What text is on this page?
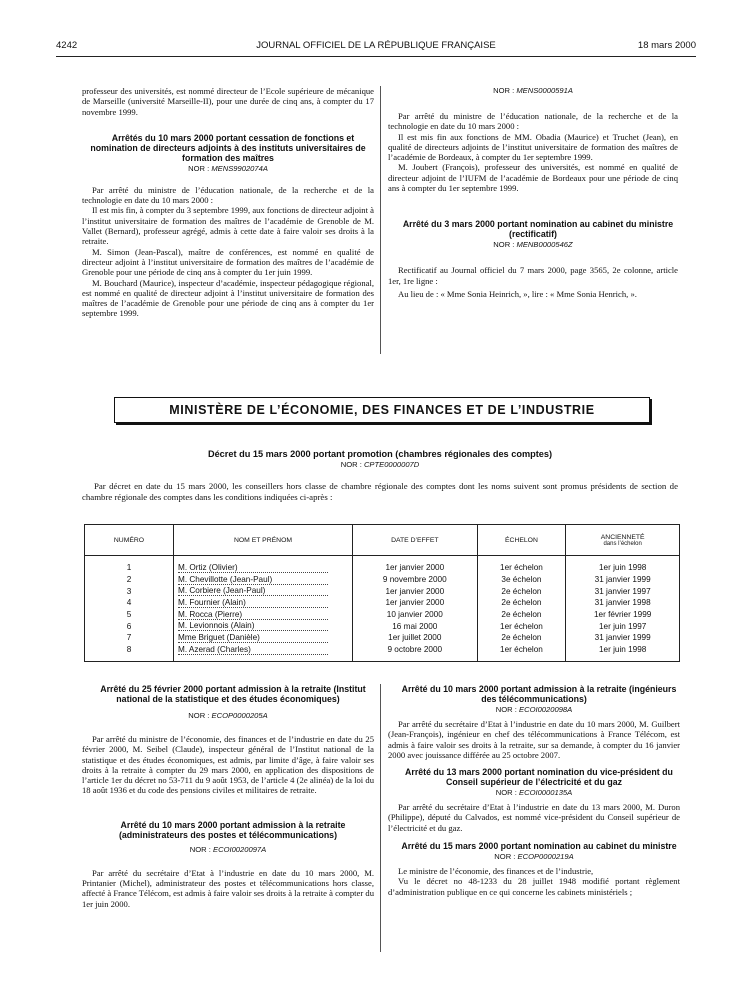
4242	JOURNAL OFFICIEL DE LA RÉPUBLIQUE FRANÇAISE	18 mars 2000

professeur des universités, est nommé directeur de l’Ecole supérieure de mécanique de Marseille (université Marseille-II), pour une durée de cinq ans, à compter du 17 novembre 1999.

Arrêtés du 10 mars 2000 portant cessation de fonctions et nomination de directeurs adjoints à des instituts universitaires de formation des maîtres

NOR : MENS9902074A

Par arrêté du ministre de l’éducation nationale, de la recherche et de la technologie en date du 10 mars 2000 :

Il est mis fin, à compter du 3 septembre 1999, aux fonctions de directeur adjoint à l’institut universitaire de formation des maîtres de l’académie de Grenoble de M. Vallet (Bernard), professeur agrégé, admis à cette date à faire valoir ses droits à la retraite.

M. Simon (Jean-Pascal), maître de conférences, est nommé en qualité de directeur adjoint à l’institut universitaire de formation des maîtres de l’académie de Grenoble pour une période de cinq ans à compter du 1er juin 1999.

M. Bouchard (Maurice), inspecteur d’académie, inspecteur pédagogique régional, est nommé en qualité de directeur adjoint à l’institut universitaire de formation des maîtres de l’académie de Grenoble pour une période de cinq ans à compter du 1er septembre 1999.

NOR : MENS0000591A

Par arrêté du ministre de l’éducation nationale, de la recherche et de la technologie en date du 10 mars 2000 :

Il est mis fin aux fonctions de MM. Obadia (Maurice) et Truchet (Jean), en qualité de directeurs adjoints de l’institut universitaire de formation des maîtres de l’académie de Bordeaux, à compter du 1er septembre 1999.

M. Joubert (François), professeur des universités, est nommé en qualité de directeur adjoint de l’IUFM de l’académie de Bordeaux pour une période de cinq ans à compter du 1er septembre 1999.

Arrêté du 3 mars 2000 portant nomination au cabinet du ministre (rectificatif)

NOR : MENB0000546Z

Rectificatif au Journal officiel du 7 mars 2000, page 3565, 2e colonne, article 1er, 1re ligne :

Au lieu de : « Mme Sonia Heinrich, », lire : « Mme Sonia Henrich, ».

MINISTÈRE DE L’ÉCONOMIE, DES FINANCES ET DE L’INDUSTRIE

Décret du 15 mars 2000 portant promotion (chambres régionales des comptes)

NOR : CPTE0000007D

Par décret en date du 15 mars 2000, les conseillers hors classe de chambre régionale des comptes dont les noms suivent sont promus présidents de section de chambre régionale des comptes dans les conditions indiquées ci-après :

NUMÉRO	NOM ET PRÉNOM	DATE D’EFFET	ÉCHELON	ANCIENNETÉ
dans l’échelon

1	M. Ortiz (Olivier)	1er janvier 2000	1er échelon	1er juin 1998
2	M. Chevillotte (Jean-Paul)	9 novembre 2000	3e échelon	31 janvier 1999
3	M. Corbiere (Jean-Paul)	1er janvier 2000	2e échelon	31 janvier 1997
4	M. Fournier (Alain)	1er janvier 2000	2e échelon	31 janvier 1998
5	M. Rocca (Pierre)	10 janvier 2000	2e échelon	1er février 1999
6	M. Levionnois (Alain)	16 mai 2000	1er échelon	1er juin 1997
7	Mme Briguet (Danièle)	1er juillet 2000	2e échelon	31 janvier 1999
8	M. Azerad (Charles)	9 octobre 2000	1er échelon	1er juin 1998

Arrêté du 25 février 2000 portant admission à la retraite (Institut national de la statistique et des études économiques)

NOR : ECOP0000205A

Par arrêté du ministre de l’économie, des finances et de l’industrie en date du 25 février 2000, M. Seibel (Claude), inspecteur général de l’Institut national de la statistique et des études économiques, est admis, par limite d’âge, à faire valoir ses droits à la retraite à compter du 29 mars 2000, en application des dispositions de l’article 1er du décret no 53-711 du 9 août 1953, de l’article 4 (2e alinéa) de la loi du 18 août 1936 et du code des pensions civiles et militaires de retraite.

Arrêté du 10 mars 2000 portant admission à la retraite (administrateurs des postes et télécommunications)

NOR : ECOI0020097A

Par arrêté du secrétaire d’Etat à l’industrie en date du 10 mars 2000, M. Printanier (Michel), administrateur des postes et télécommunications hors classe, affecté à France Télécom, est admis à faire valoir ses droits à la retraite à compter du 1er juin 2000.

Arrêté du 10 mars 2000 portant admission à la retraite (ingénieurs des télécommunications)

NOR : ECOI0020098A

Par arrêté du secrétaire d’Etat à l’industrie en date du 10 mars 2000, M. Guilbert (Jean-François), ingénieur en chef des télécommunications à France Télécom, est admis à faire valoir ses droits à la retraite, sur sa demande, à compter du 16 janvier 2000 avec jouissance différée au 25 octobre 2007.

Arrêté du 13 mars 2000 portant nomination du vice-président du Conseil supérieur de l’électricité et du gaz

NOR : ECOI0000135A

Par arrêté du secrétaire d’Etat à l’industrie en date du 13 mars 2000, M. Duron (Philippe), député du Calvados, est nommé vice-président du Conseil supérieur de l’électricité et du gaz.

Arrêté du 15 mars 2000 portant nomination au cabinet du ministre

NOR : ECOP0000219A

Le ministre de l’économie, des finances et de l’industrie,

Vu le décret no 48-1233 du 28 juillet 1948 modifié portant règlement d’administration publique en ce qui concerne les cabinets ministériels ;
